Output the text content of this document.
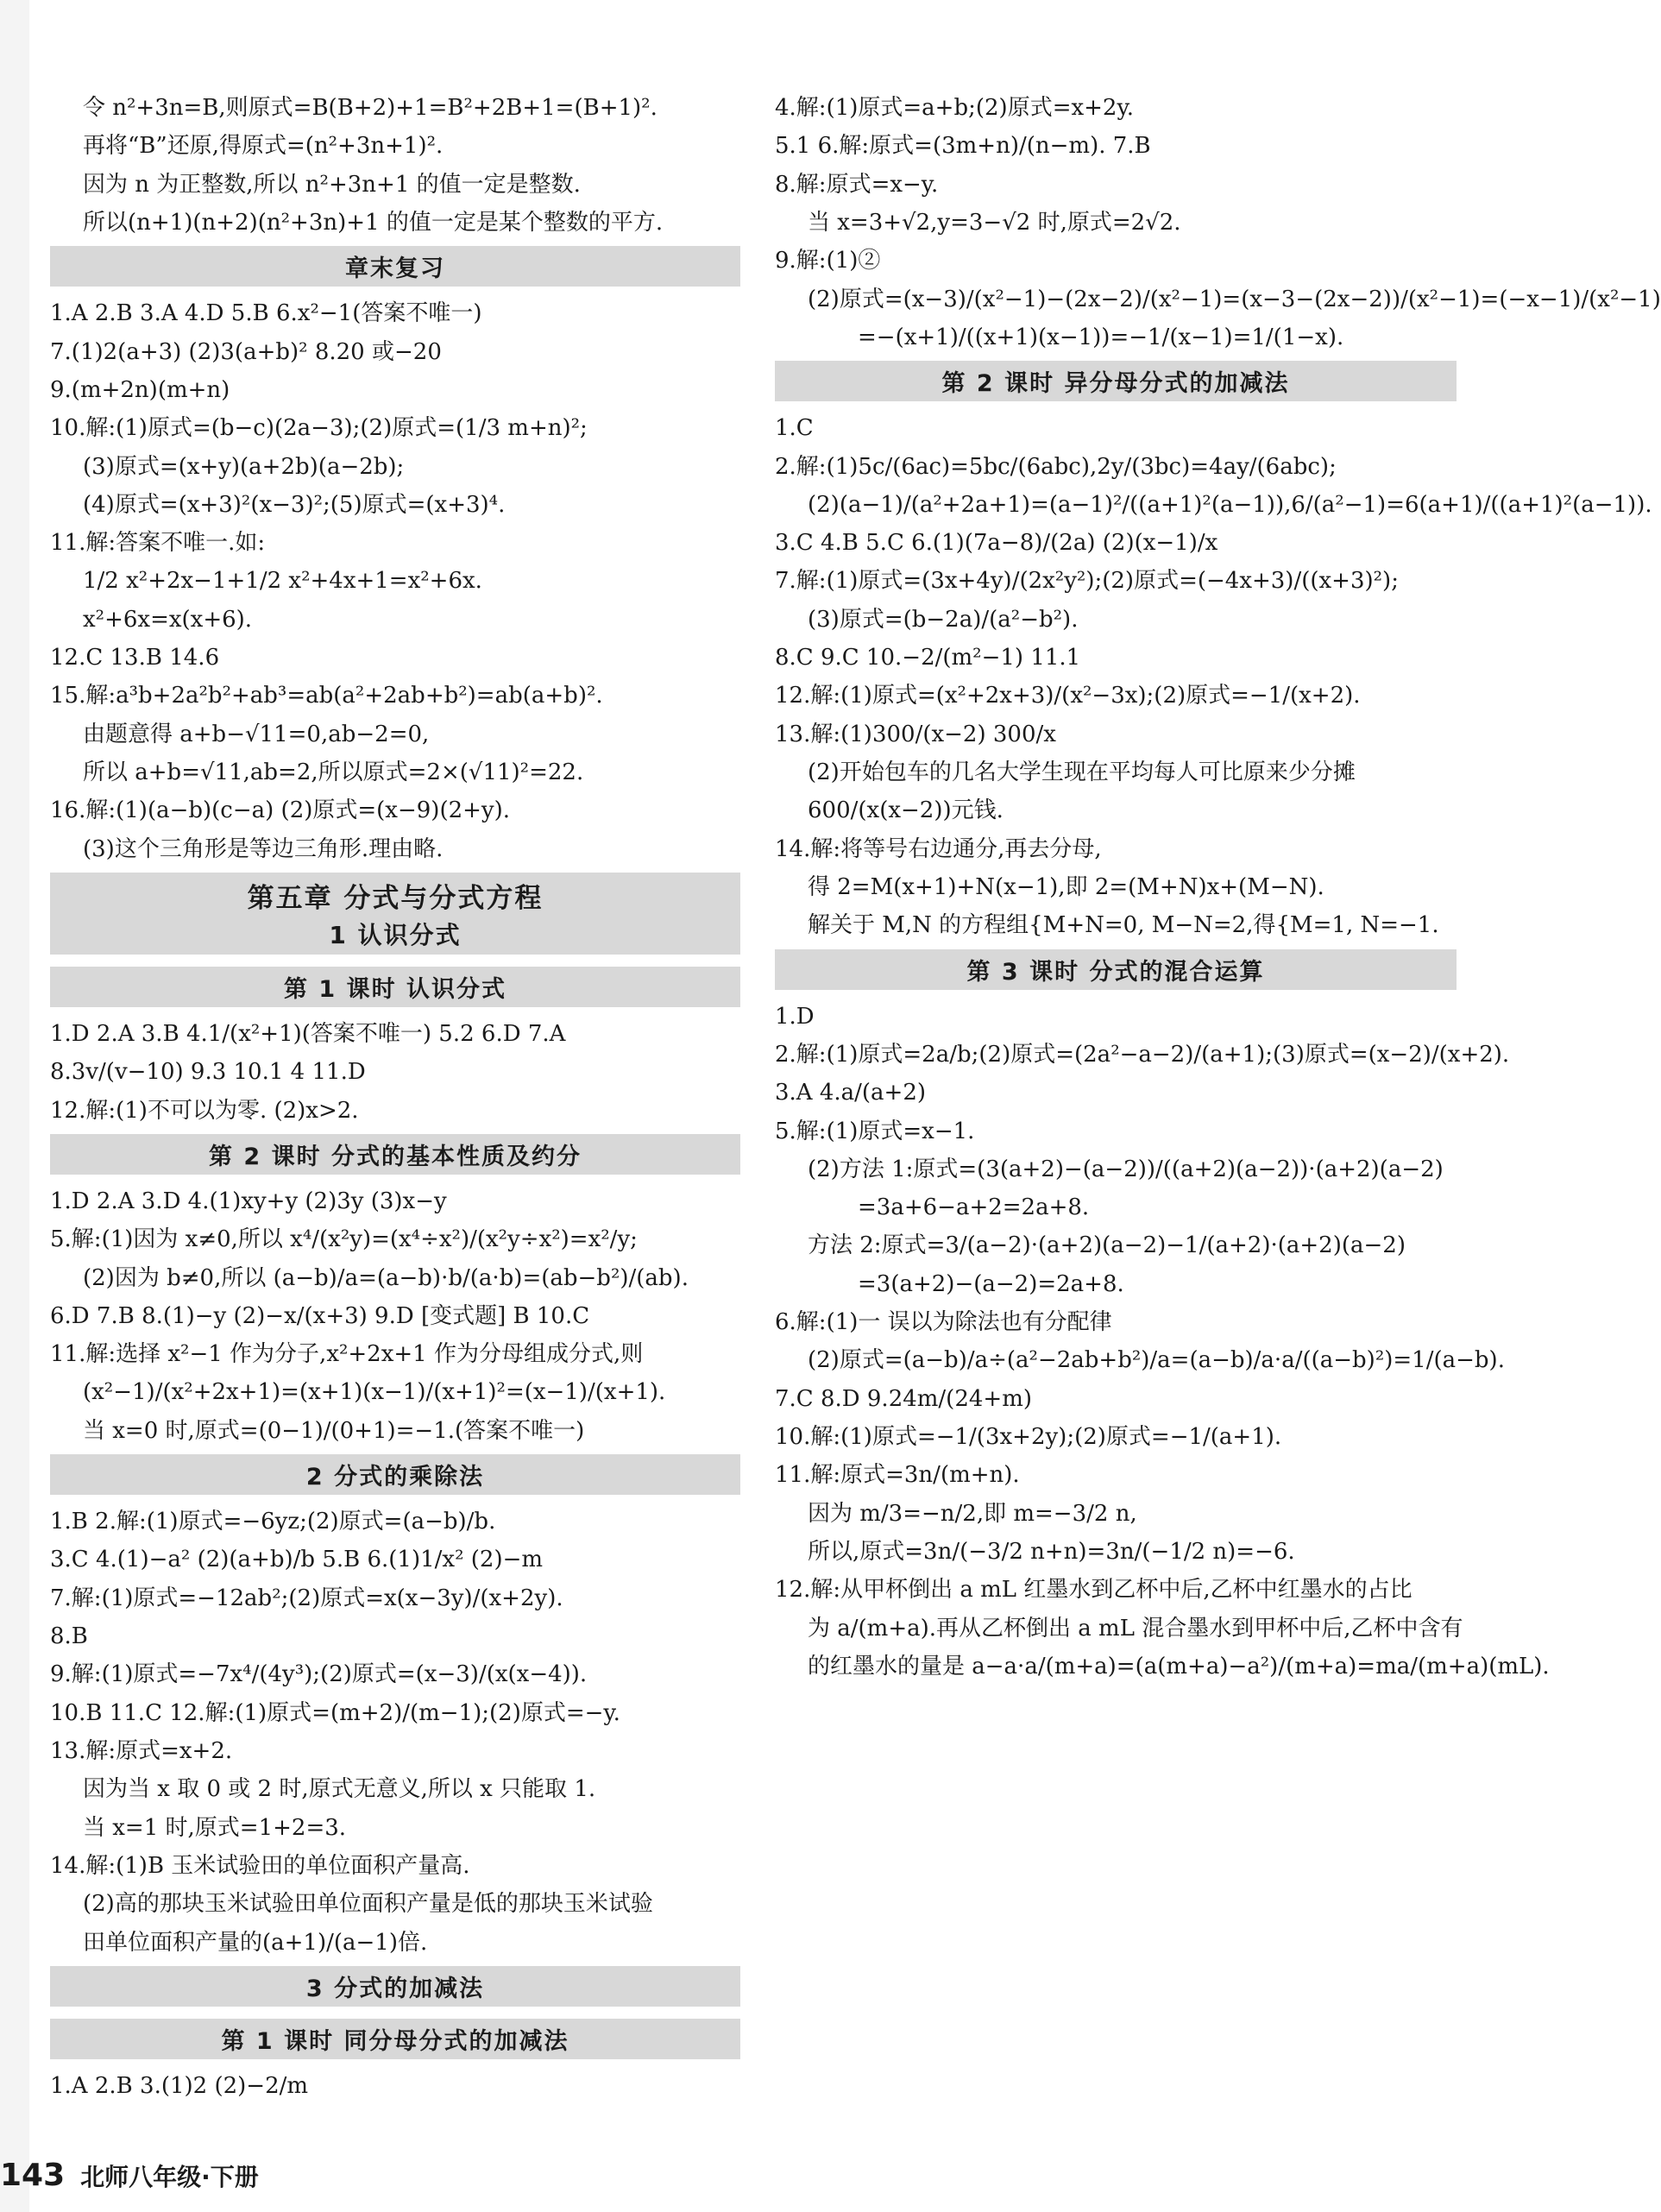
令 n²+3n=B,则原式=B(B+2)+1=B²+2B+1=(B+1)².
再将“B”还原,得原式=(n²+3n+1)².
因为 n 为正整数,所以 n²+3n+1 的值一定是整数.
所以(n+1)(n+2)(n²+3n)+1 的值一定是某个整数的平方.
章末复习
1.A 2.B 3.A 4.D 5.B 6.x²−1(答案不唯一)
7.(1)2(a+3) (2)3(a+b)² 8.20 或−20
9.(m+2n)(m+n)
10.解:(1)原式=(b−c)(2a−3);(2)原式=(1/3 m+n)²;
(3)原式=(x+y)(a+2b)(a−2b);
(4)原式=(x+3)²(x−3)²;(5)原式=(x+3)⁴.
11.解:答案不唯一.如:
1/2 x²+2x−1+1/2 x²+4x+1=x²+6x.
x²+6x=x(x+6).
12.C 13.B 14.6
15.解:a³b+2a²b²+ab³=ab(a²+2ab+b²)=ab(a+b)².
由题意得 a+b−√11=0,ab−2=0,
所以 a+b=√11,ab=2,所以原式=2×(√11)²=22.
16.解:(1)(a−b)(c−a) (2)原式=(x−9)(2+y).
(3)这个三角形是等边三角形.理由略.
第五章 分式与分式方程
1 认识分式
第 1 课时 认识分式
1.D 2.A 3.B 4.1/(x²+1)(答案不唯一) 5.2 6.D 7.A
8.3v/(v−10) 9.3 10.1 4 11.D
12.解:(1)不可以为零. (2)x>2.
第 2 课时 分式的基本性质及约分
1.D 2.A 3.D 4.(1)xy+y (2)3y (3)x−y
5.解:(1)因为 x≠0,所以 x⁴/(x²y)=(x⁴÷x²)/(x²y÷x²)=x²/y;
(2)因为 b≠0,所以 (a−b)/a=(a−b)·b/(a·b)=(ab−b²)/(ab).
6.D 7.B 8.(1)−y (2)−x/(x+3) 9.D [变式题] B 10.C
11.解:选择 x²−1 作为分子,x²+2x+1 作为分母组成分式,则
(x²−1)/(x²+2x+1)=(x+1)(x−1)/(x+1)²=(x−1)/(x+1).
当 x=0 时,原式=(0−1)/(0+1)=−1.(答案不唯一)
2 分式的乘除法
1.B 2.解:(1)原式=−6yz;(2)原式=(a−b)/b.
3.C 4.(1)−a² (2)(a+b)/b 5.B 6.(1)1/x² (2)−m
7.解:(1)原式=−12ab²;(2)原式=x(x−3y)/(x+2y).
8.B
9.解:(1)原式=−7x⁴/(4y³);(2)原式=(x−3)/(x(x−4)).
10.B 11.C 12.解:(1)原式=(m+2)/(m−1);(2)原式=−y.
13.解:原式=x+2.
因为当 x 取 0 或 2 时,原式无意义,所以 x 只能取 1.
当 x=1 时,原式=1+2=3.
14.解:(1)B 玉米试验田的单位面积产量高.
(2)高的那块玉米试验田单位面积产量是低的那块玉米试验
田单位面积产量的(a+1)/(a−1)倍.
3 分式的加减法
第 1 课时 同分母分式的加减法
1.A 2.B 3.(1)2 (2)−2/m
4.解:(1)原式=a+b;(2)原式=x+2y.
5.1 6.解:原式=(3m+n)/(n−m). 7.B
8.解:原式=x−y.
当 x=3+√2,y=3−√2 时,原式=2√2.
9.解:(1)②
(2)原式=(x−3)/(x²−1)−(2x−2)/(x²−1)=(x−3−(2x−2))/(x²−1)=(−x−1)/(x²−1)
=−(x+1)/((x+1)(x−1))=−1/(x−1)=1/(1−x).
第 2 课时 异分母分式的加减法
1.C
2.解:(1)5c/(6ac)=5bc/(6abc),2y/(3bc)=4ay/(6abc);
(2)(a−1)/(a²+2a+1)=(a−1)²/((a+1)²(a−1)),6/(a²−1)=6(a+1)/((a+1)²(a−1)).
3.C 4.B 5.C 6.(1)(7a−8)/(2a) (2)(x−1)/x
7.解:(1)原式=(3x+4y)/(2x²y²);(2)原式=(−4x+3)/((x+3)²);
(3)原式=(b−2a)/(a²−b²).
8.C 9.C 10.−2/(m²−1) 11.1
12.解:(1)原式=(x²+2x+3)/(x²−3x);(2)原式=−1/(x+2).
13.解:(1)300/(x−2) 300/x
(2)开始包车的几名大学生现在平均每人可比原来少分摊
600/(x(x−2))元钱.
14.解:将等号右边通分,再去分母,
得 2=M(x+1)+N(x−1),即 2=(M+N)x+(M−N).
解关于 M,N 的方程组{M+N=0, M−N=2,得{M=1, N=−1.
第 3 课时 分式的混合运算
1.D
2.解:(1)原式=2a/b;(2)原式=(2a²−a−2)/(a+1);(3)原式=(x−2)/(x+2).
3.A 4.a/(a+2)
5.解:(1)原式=x−1.
(2)方法 1:原式=(3(a+2)−(a−2))/((a+2)(a−2))·(a+2)(a−2)
=3a+6−a+2=2a+8.
方法 2:原式=3/(a−2)·(a+2)(a−2)−1/(a+2)·(a+2)(a−2)
=3(a+2)−(a−2)=2a+8.
6.解:(1)一 误以为除法也有分配律
(2)原式=(a−b)/a÷(a²−2ab+b²)/a=(a−b)/a·a/((a−b)²)=1/(a−b).
7.C 8.D 9.24m/(24+m)
10.解:(1)原式=−1/(3x+2y);(2)原式=−1/(a+1).
11.解:原式=3n/(m+n).
因为 m/3=−n/2,即 m=−3/2 n,
所以,原式=3n/(−3/2 n+n)=3n/(−1/2 n)=−6.
12.解:从甲杯倒出 a mL 红墨水到乙杯中后,乙杯中红墨水的占比
为 a/(m+a).再从乙杯倒出 a mL 混合墨水到甲杯中后,乙杯中含有
的红墨水的量是 a−a·a/(m+a)=(a(m+a)−a²)/(m+a)=ma/(m+a)(mL).
143 北师八年级·下册
